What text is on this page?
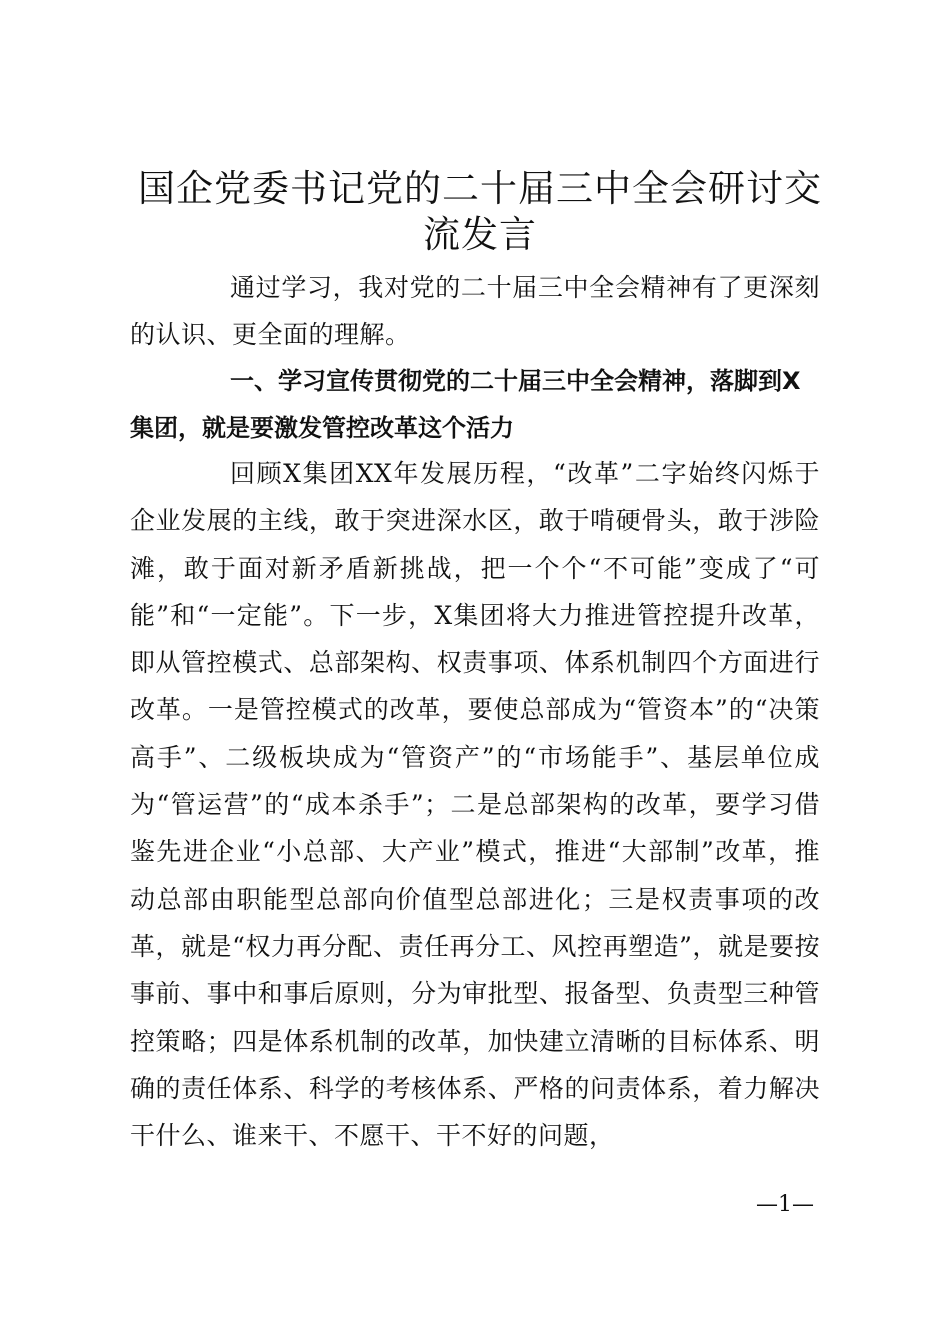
国企党委书记党的二十届三中全会研讨交流发言

通过学习，我对党的二十届三中全会精神有了更深刻的认识、更全面的理解。

一、学习宣传贯彻党的二十届三中全会精神，落脚到X集团，就是要激发管控改革这个活力

回顾X集团XX年发展历程，“改革”二字始终闪烁于企业发展的主线，敢于突进深水区，敢于啃硬骨头，敢于涉险滩，敢于面对新矛盾新挑战，把一个个“不可能”变成了“可能”和“一定能”。下一步，X集团将大力推进管控提升改革，即从管控模式、总部架构、权责事项、体系机制四个方面进行改革。一是管控模式的改革，要使总部成为“管资本”的“决策高手”、二级板块成为“管资产”的“市场能手”、基层单位成为“管运营”的“成本杀手”；二是总部架构的改革，要学习借鉴先进企业“小总部、大产业”模式，推进“大部制”改革，推动总部由职能型总部向价值型总部进化；三是权责事项的改革，就是“权力再分配、责任再分工、风控再塑造”，就是要按事前、事中和事后原则，分为审批型、报备型、负责型三种管控策略；四是体系机制的改革，加快建立清晰的目标体系、明确的责任体系、科学的考核体系、严格的问责体系，着力解决干什么、谁来干、不愿干、干不好的问题，

—1—
